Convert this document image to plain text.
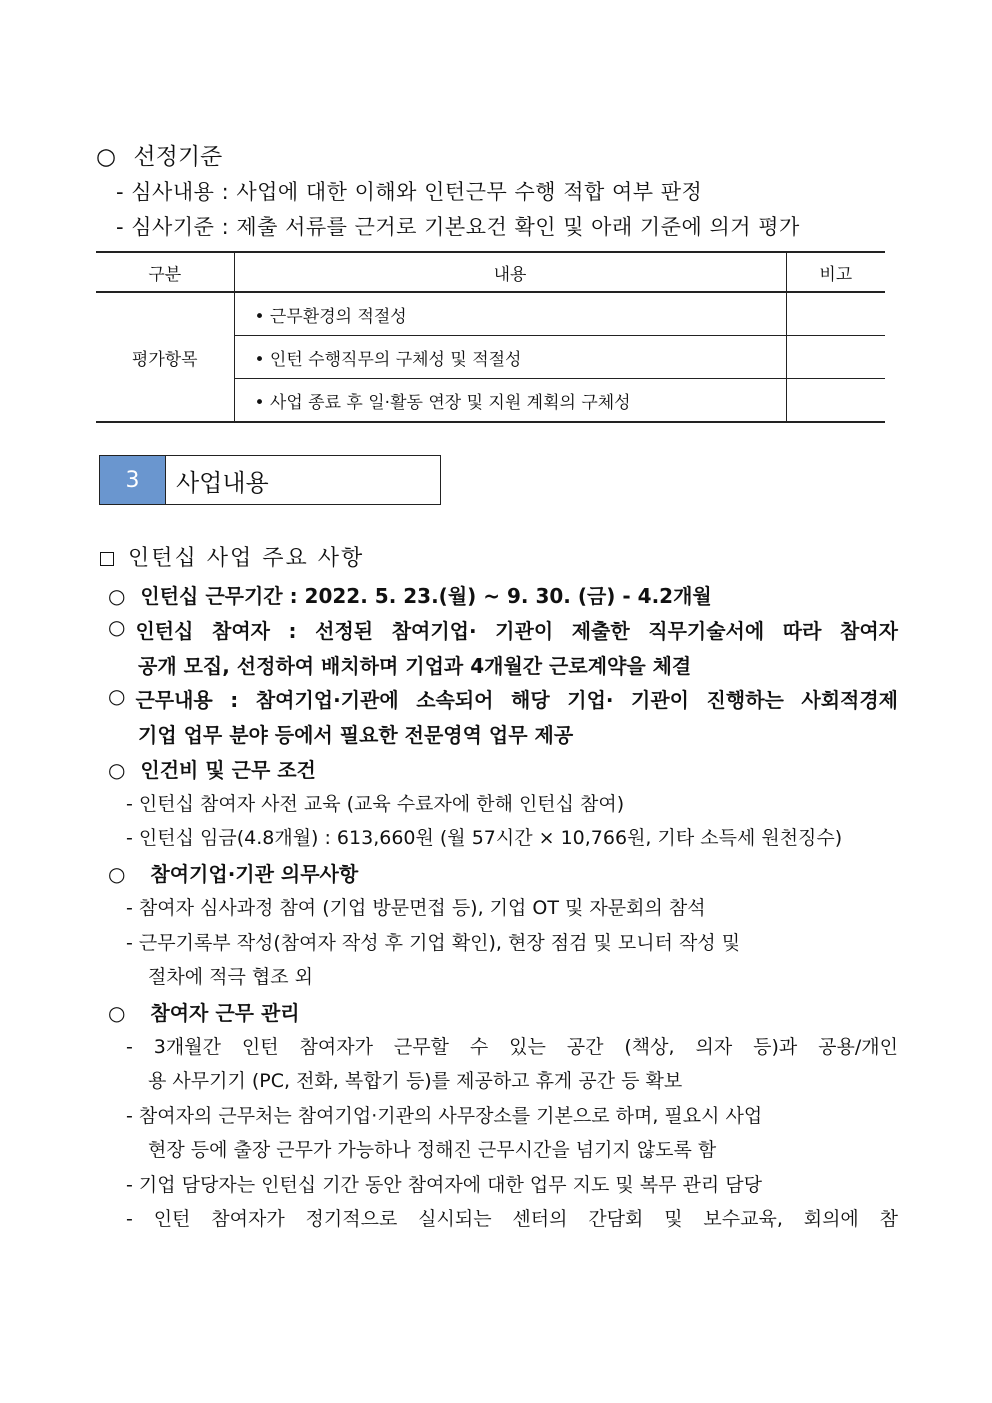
○ 선정기준
- 심사내용 : 사업에 대한 이해와 인턴근무 수행 적합 여부 판정
- 심사기준 : 제출 서류를 근거로 기본요건 확인 및 아래 기준에 의거 평가
구분	내용	비고
평가항목	• 근무환경의 적절성	
	• 인턴 수행직무의 구체성 및 적절성	
	• 사업 종료 후 일·활동 연장 및 지원 계획의 구체성	
3	사업내용
인턴십 사업 주요 사항
○ 인턴십 근무기간 : 2022. 5. 23.(월) ~ 9. 30. (금) - 4.2개월
○ 인턴십 참여자 : 선정된 참여기업· 기관이 제출한 직무기술서에 따라 참여자
공개 모집, 선정하여 배치하며 기업과 4개월간 근로계약을 체결
○ 근무내용 : 참여기업·기관에 소속되어 해당 기업· 기관이 진행하는 사회적경제
기업 업무 분야 등에서 필요한 전문영역 업무 제공
○ 인건비 및 근무 조건
- 인턴십 참여자 사전 교육 (교육 수료자에 한해 인턴십 참여)
- 인턴십 임금(4.8개월) : 613,660원 (월 57시간 × 10,766원, 기타 소득세 원천징수)
○ 참여기업·기관 의무사항
- 참여자 심사과정 참여 (기업 방문면접 등), 기업 OT 및 자문회의 참석
- 근무기록부 작성(참여자 작성 후 기업 확인), 현장 점검 및 모니터 작성 및
절차에 적극 협조 외
○ 참여자 근무 관리
- 3개월간 인턴 참여자가 근무할 수 있는 공간 (책상, 의자 등)과 공용/개인
용 사무기기 (PC, 전화, 복합기 등)를 제공하고 휴게 공간 등 확보
- 참여자의 근무처는 참여기업·기관의 사무장소를 기본으로 하며, 필요시 사업
현장 등에 출장 근무가 가능하나 정해진 근무시간을 넘기지 않도록 함
- 기업 담당자는 인턴십 기간 동안 참여자에 대한 업무 지도 및 복무 관리 담당
- 인턴 참여자가 정기적으로 실시되는 센터의 간담회 및 보수교육, 회의에 참
